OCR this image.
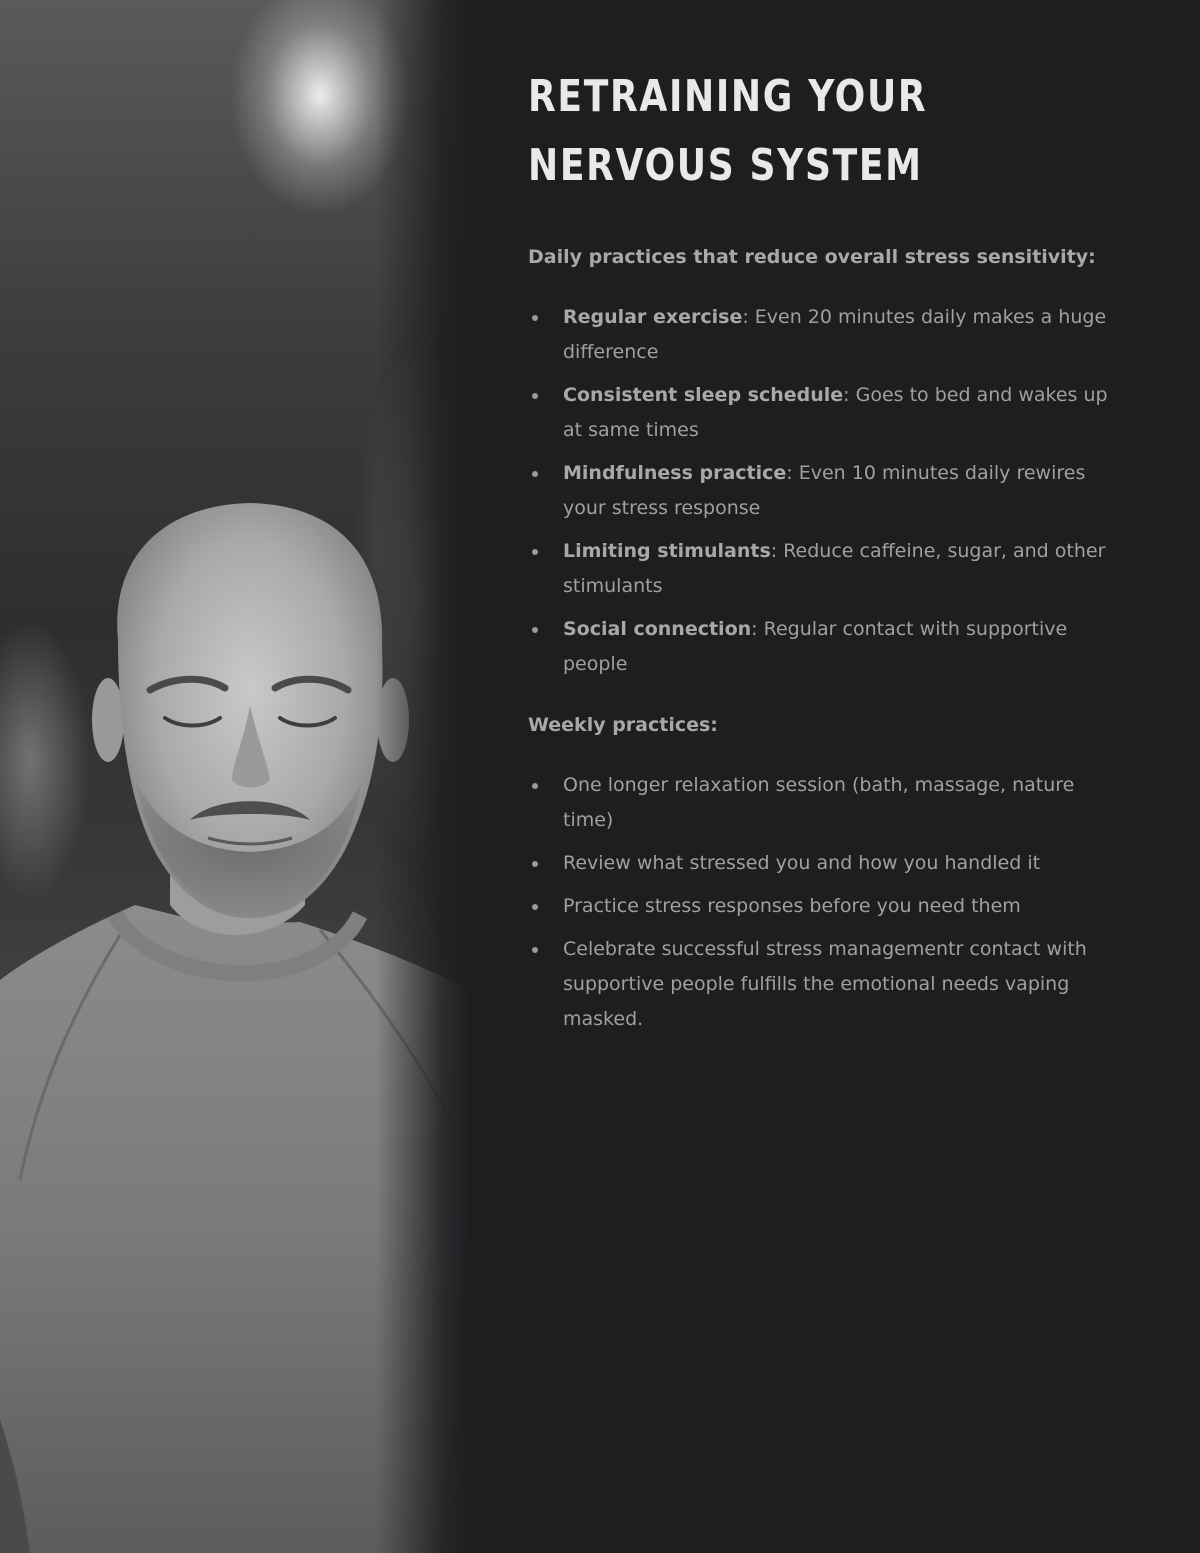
RETRAINING YOUR NERVOUS SYSTEM
Daily practices that reduce overall stress sensitivity:
Regular exercise: Even 20 minutes daily makes a huge difference
Consistent sleep schedule: Goes to bed and wakes up at same times
Mindfulness practice: Even 10 minutes daily rewires your stress response
Limiting stimulants: Reduce caffeine, sugar, and other stimulants
Social connection: Regular contact with supportive people
Weekly practices:
One longer relaxation session (bath, massage, nature time)
Review what stressed you and how you handled it
Practice stress responses before you need them
Celebrate successful stress managementr contact with supportive people fulfills the emotional needs vaping masked.
